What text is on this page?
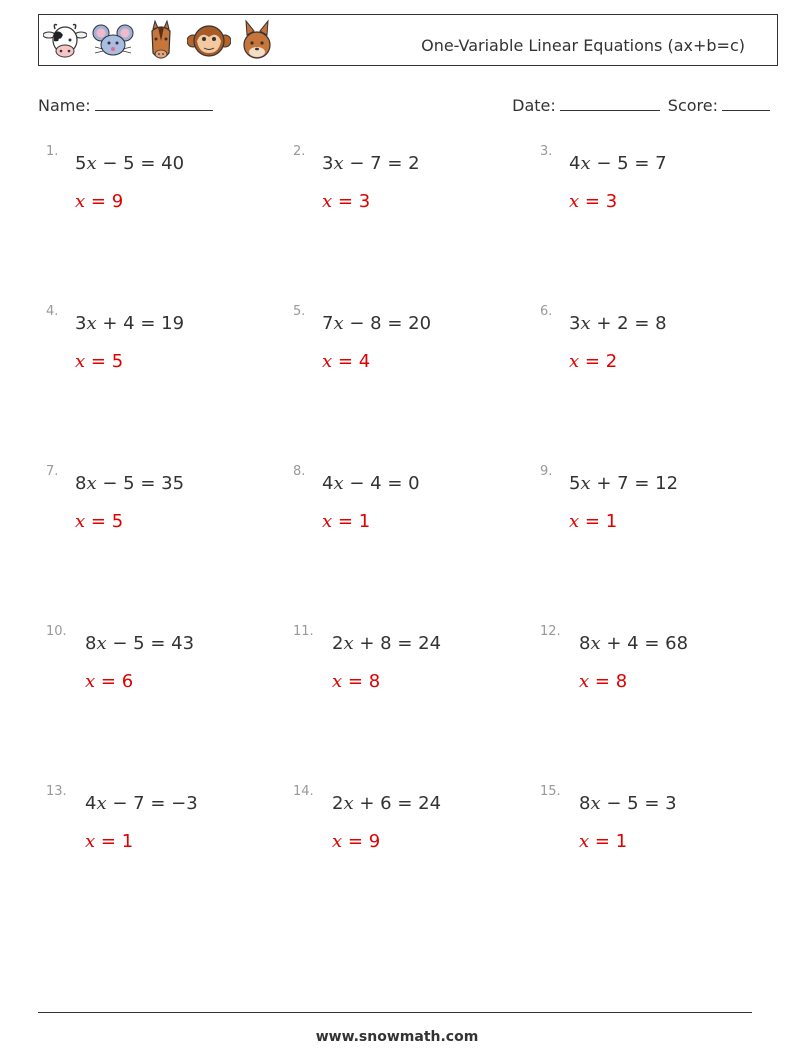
One-Variable Linear Equations (ax+b=c)
Name:	Date:	Score:
1.
5x − 5 = 40
x = 9
2.
3x − 7 = 2
x = 3
3.
4x − 5 = 7
x = 3
4.
3x + 4 = 19
x = 5
5.
7x − 8 = 20
x = 4
6.
3x + 2 = 8
x = 2
7.
8x − 5 = 35
x = 5
8.
4x − 4 = 0
x = 1
9.
5x + 7 = 12
x = 1
10.
8x − 5 = 43
x = 6
11.
2x + 8 = 24
x = 8
12.
8x + 4 = 68
x = 8
13.
4x − 7 = −3
x = 1
14.
2x + 6 = 24
x = 9
15.
8x − 5 = 3
x = 1
www.snowmath.com
